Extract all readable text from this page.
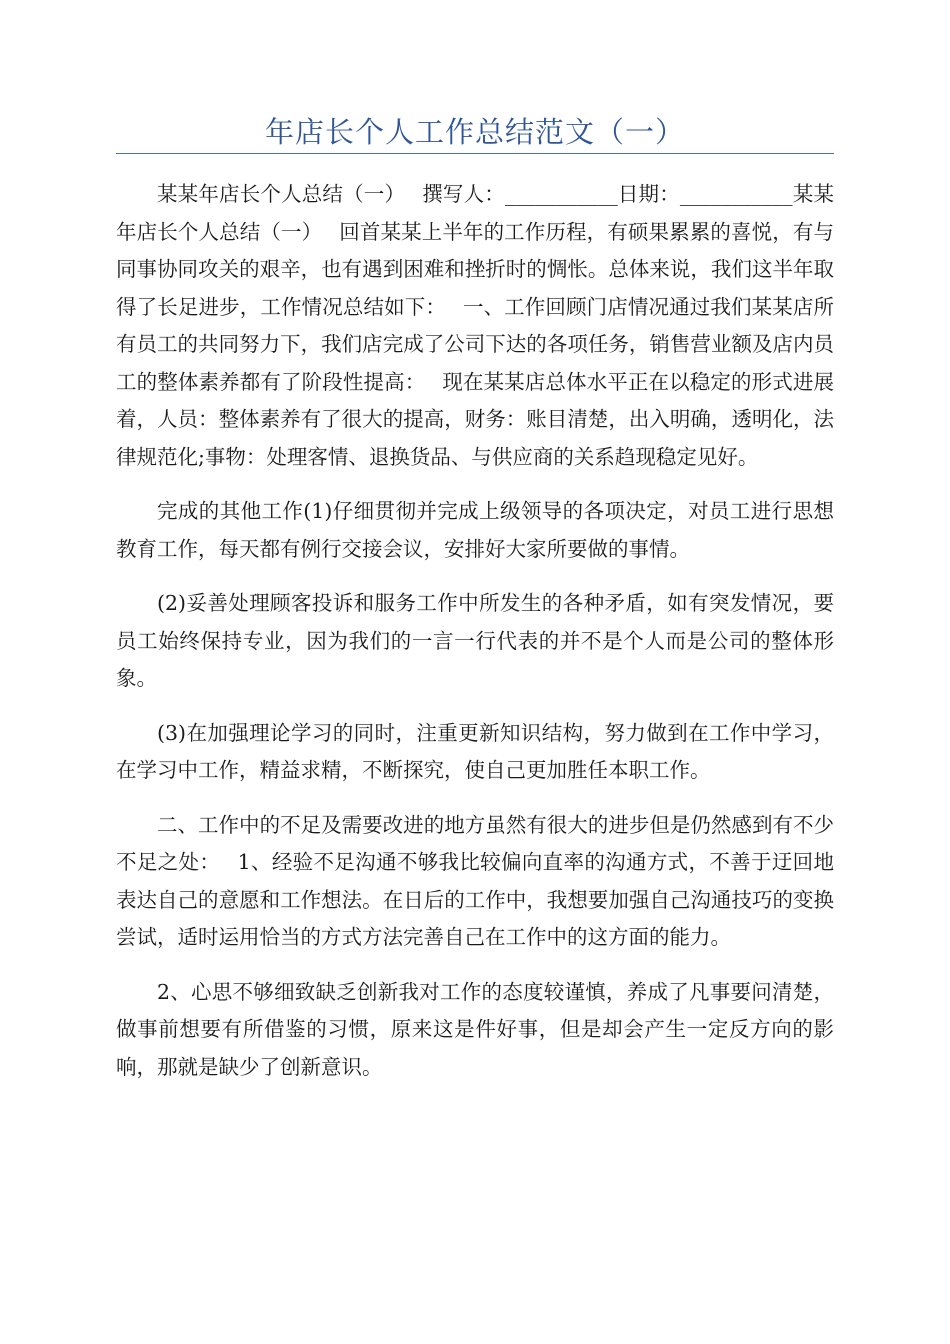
年店长个人工作总结范文（一）

某某年店长个人总结（一）　 撰写人：___________日期：___________某某年店长个人总结（一）　 回首某某上半年的工作历程，有硕果累累的喜悦，有与同事协同攻关的艰辛，也有遇到困难和挫折时的惆怅。总体来说，我们这半年取得了长足进步，工作情况总结如下：　 一、工作回顾门店情况通过我们某某店所有员工的共同努力下，我们店完成了公司下达的各项任务，销售营业额及店内员工的整体素养都有了阶段性提高：　 现在某某店总体水平正在以稳定的形式进展着，人员：整体素养有了很大的提高，财务：账目清楚，出入明确，透明化，法律规范化;事物：处理客情、退换货品、与供应商的关系趋现稳定见好。

完成的其他工作(1)仔细贯彻并完成上级领导的各项决定，对员工进行思想教育工作，每天都有例行交接会议，安排好大家所要做的事情。

(2)妥善处理顾客投诉和服务工作中所发生的各种矛盾，如有突发情况，要员工始终保持专业，因为我们的一言一行代表的并不是个人而是公司的整体形象。

(3)在加强理论学习的同时，注重更新知识结构，努力做到在工作中学习，在学习中工作，精益求精，不断探究，使自己更加胜任本职工作。

二、工作中的不足及需要改进的地方虽然有很大的进步但是仍然感到有不少不足之处：　 1、经验不足沟通不够我比较偏向直率的沟通方式，不善于迂回地表达自己的意愿和工作想法。在日后的工作中，我想要加强自己沟通技巧的变换尝试，适时运用恰当的方式方法完善自己在工作中的这方面的能力。

2、心思不够细致缺乏创新我对工作的态度较谨慎，养成了凡事要问清楚，做事前想要有所借鉴的习惯，原来这是件好事，但是却会产生一定反方向的影响，那就是缺少了创新意识。
